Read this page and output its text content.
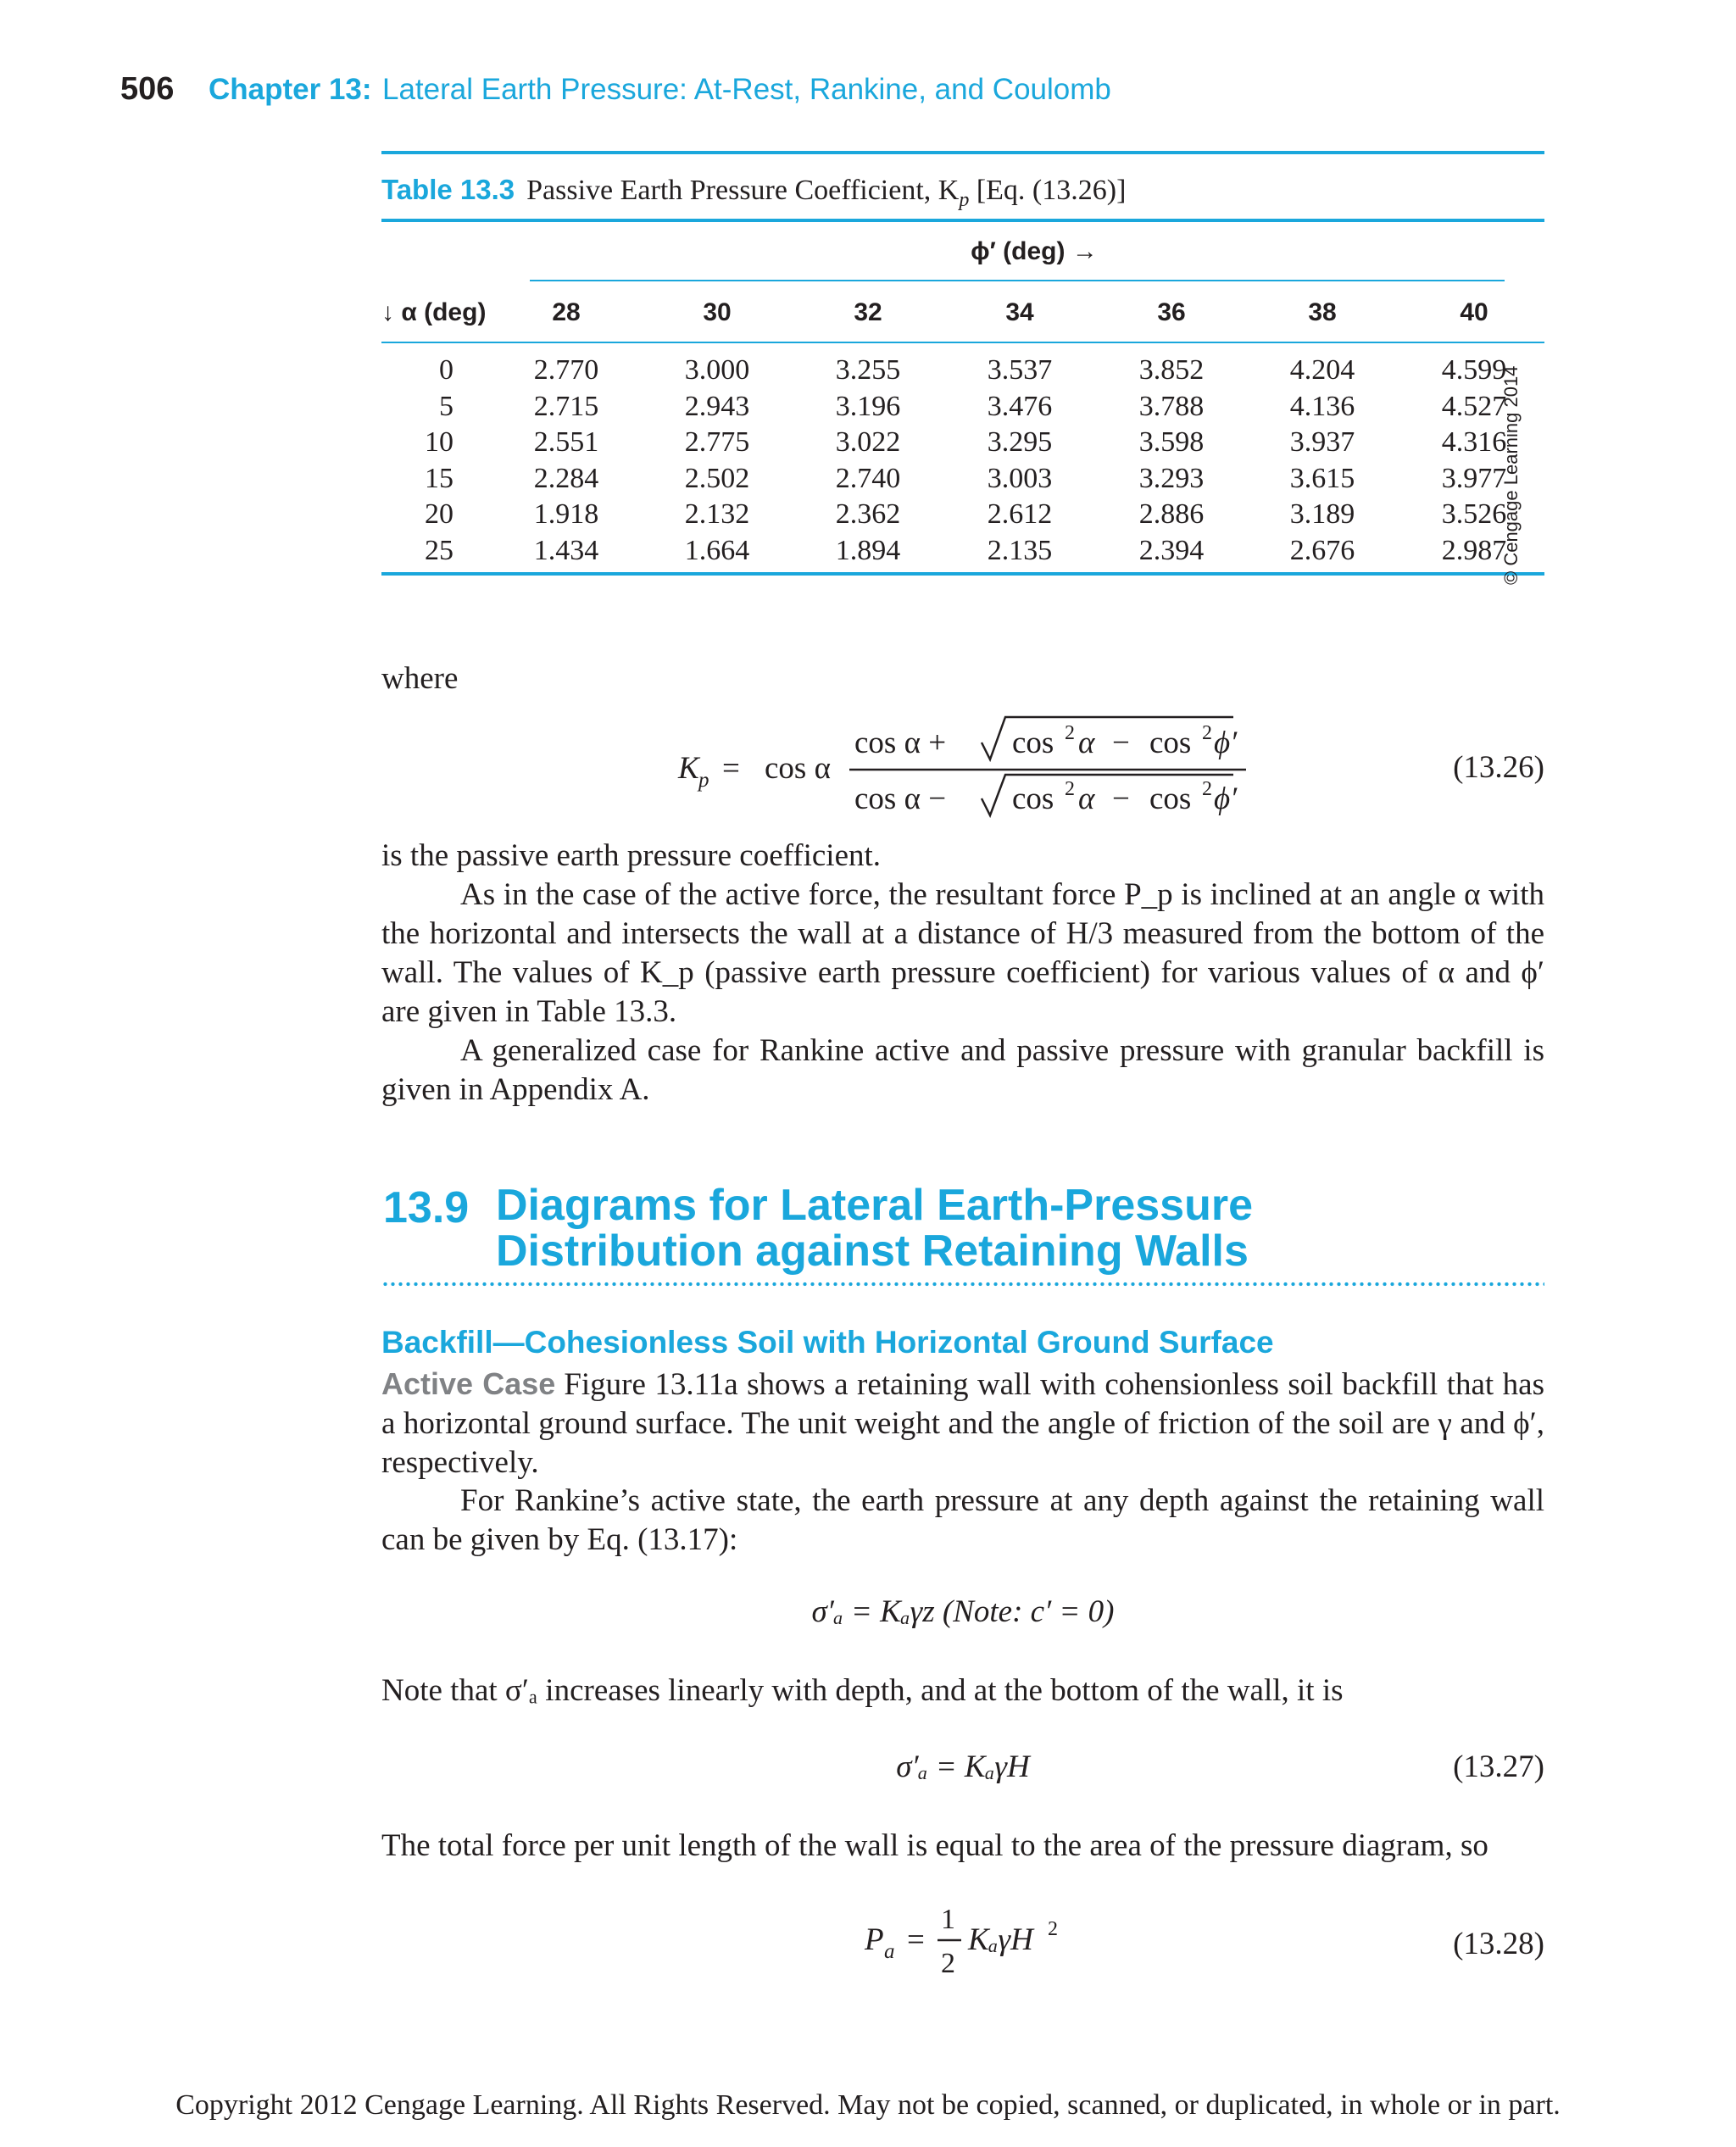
506 Chapter 13: Lateral Earth Pressure: At-Rest, Rankine, and Coulomb
Table 13.3 Passive Earth Pressure Coefficient, $K_p$ [Eq. (13.26)]
ϕ′ (deg) →
↓ α (deg)	28	30	32	34	36	38	40
0	2.770	3.000	3.255	3.537	3.852	4.204	4.599
5	2.715	2.943	3.196	3.476	3.788	4.136	4.527
10	2.551	2.775	3.022	3.295	3.598	3.937	4.316
15	2.284	2.502	2.740	3.003	3.293	3.615	3.977
20	1.918	2.132	2.362	2.612	2.886	3.189	3.526
25	1.434	1.664	1.894	2.135	2.394	2.676	2.987
© Cengage Learning 2014
where
K p = cos α
cos α + cos 2 α − cos 2 ϕ′
cos α − cos 2 α − cos 2 ϕ′
(13.26)
is the passive earth pressure coefficient.
As in the case of the active force, the resultant force P_p is inclined at an angle α with the horizontal and intersects the wall at a distance of H/3 measured from the bottom of the wall. The values of K_p (passive earth pressure coefficient) for various values of α and ϕ′ are given in Table 13.3.
A generalized case for Rankine active and passive pressure with granular backfill is given in Appendix A.
13.9 Diagrams for Lateral Earth-Pressure
Distribution against Retaining Walls
Backfill—Cohesionless Soil with Horizontal Ground Surface
Active Case Figure 13.11a shows a retaining wall with cohensionless soil backfill that has a horizontal ground surface. The unit weight and the angle of friction of the soil are γ and ϕ′, respectively.
For Rankine’s active state, the earth pressure at any depth against the retaining wall can be given by Eq. (13.17):
σ′ₐ = Kₐγz (Note: c′ = 0)
Note that σ′ₐ increases linearly with depth, and at the bottom of the wall, it is
σ′ₐ = KₐγH	(13.27)
The total force per unit length of the wall is equal to the area of the pressure diagram, so
P a =
1
2
KₐγH 2	(13.28)
Copyright 2012 Cengage Learning. All Rights Reserved. May not be copied, scanned, or duplicated, in whole or in part.
